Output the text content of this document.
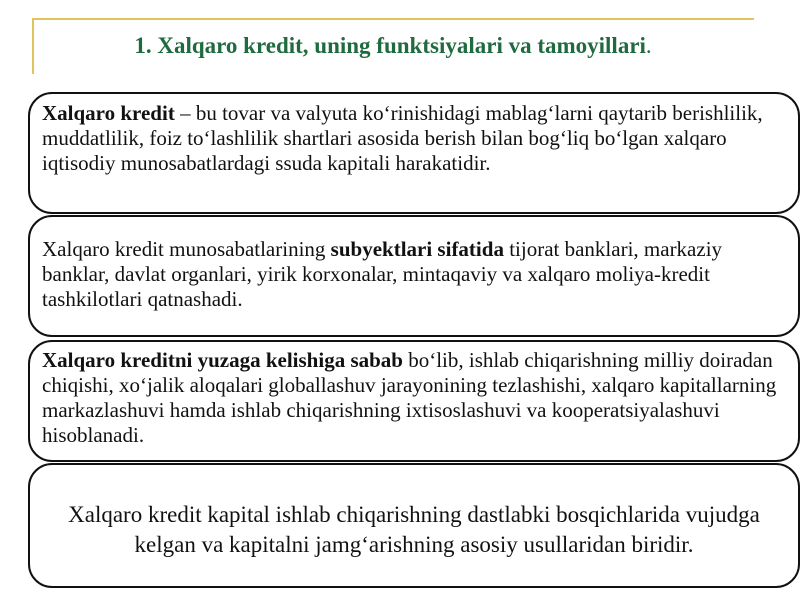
1. Xalqaro kredit, uning funktsiyalari va tamoyillari.
Xalqaro kredit – bu tovar va valyuta ko‘rinishidagi mablag‘larni qaytarib berishlilik, muddatlilik, foiz to‘lashlilik shartlari asosida berish bilan bog‘liq bo‘lgan xalqaro iqtisodiy munosabatlardagi ssuda kapitali harakatidir.
Xalqaro kredit munosabatlarining subyektlari sifatida tijorat banklari, markaziy banklar, davlat organlari, yirik korxonalar, mintaqaviy va xalqaro moliya-kredit tashkilotlari qatnashadi.
Xalqaro kreditni yuzaga kelishiga sabab bo‘lib, ishlab chiqarishning milliy doiradan chiqishi, xo‘jalik aloqalari globallashuv jarayonining tezlashishi, xalqaro kapitallarning markazlashuvi hamda ishlab chiqarishning ixtisoslashuvi va kooperatsiyalashuvi hisoblanadi.
Xalqaro kredit kapital ishlab chiqarishning dastlabki bosqichlarida vujudga kelgan va kapitalni jamg‘arishning asosiy usullaridan biridir.
